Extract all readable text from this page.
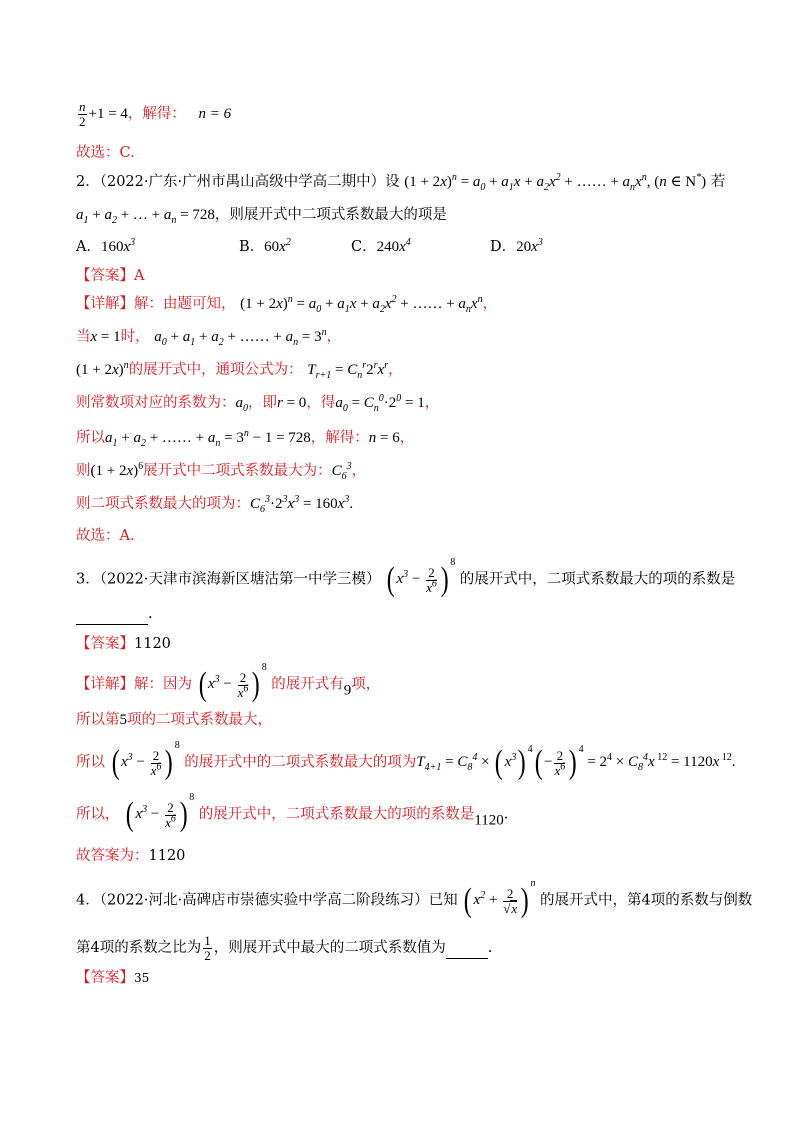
$\frac{n}{2} +1 = 4$，解得： n = 6
故选：C.
2．（2022·广东·广州市禺山高级中学高二期中）设 $(1 + 2x)^n = a_0 + a_1x + a_2x^2$ + …… + $a_nx^n$, (n ∈ N*) 若
$a_1 + a_2$ + … + $a_n = 728$，则展开式中二项式系数最大的项是
A．$160x^3$	B．$60x^2$	C．$240x^4$	D．$20x^3$
【答案】A
【详解】解：由题可知， $(1 + 2x)^n = a_0 + a_1x + a_2x^2$ + …… + $a_nx^n$，
当x = 1时， $a_0 + a_1 + a_2$ + …… + $a_n = 3^n$，
$(1 + 2x)^n$的展开式中，通项公式为： $T_{r+1} = C_n^r2^rx^r$，
则常数项对应的系数为：$a_0$，即r = 0，得$a_0 = C_n^0\cdot 2^0 = 1$，
所以$a_1 + a_2$ + …… + $a_n = 3^n - 1 = 728$，解得：n = 6，
则$(1 + 2x)^6$展开式中二项式系数最大为：$C_6^3$，
则二项式系数最大的项为：$C_6^3\cdot 2^3x^3 = 160x^3$.
故选：A.
3．（2022·天津市滨海新区塘沽第一中学三模） ( $x^3 - \frac{2}{x^6}$ ) $^8$ 的展开式中，二项式系数最大的项的系数是
.
【答案】1120
【详解】解：因为 ( $x^3 - \frac{2}{x^6}$ ) $^8$ 的展开式有9项，
所以第5项的二项式系数最大，
所以 ( $x^3 - \frac{2}{x^6}$ ) $^8$ 的展开式中的二项式系数最大的项为$T_{4+1} = C_8^4$ × ( $x^3$) $^4( - \frac{2}{x^6}$ ) $^4 = 2^4 \times C_8^4x$ $^{12}$ = 1120x $^{12}$.
所以， ( $x^3 - \frac{2}{x^6}$ ) $^8$ 的展开式中，二项式系数最大的项的系数是1120.
故答案为：1120
4．（2022·河北·高碑店市崇德实验中学高二阶段练习）已知 ( $x^2 + \frac{2}{√x}$ ) $^n$ 的展开式中，第4项的系数与倒数
第4项的系数之比为 $\frac{1}{2}$ ，则展开式中最大的二项式系数值为	.
【答案】35
